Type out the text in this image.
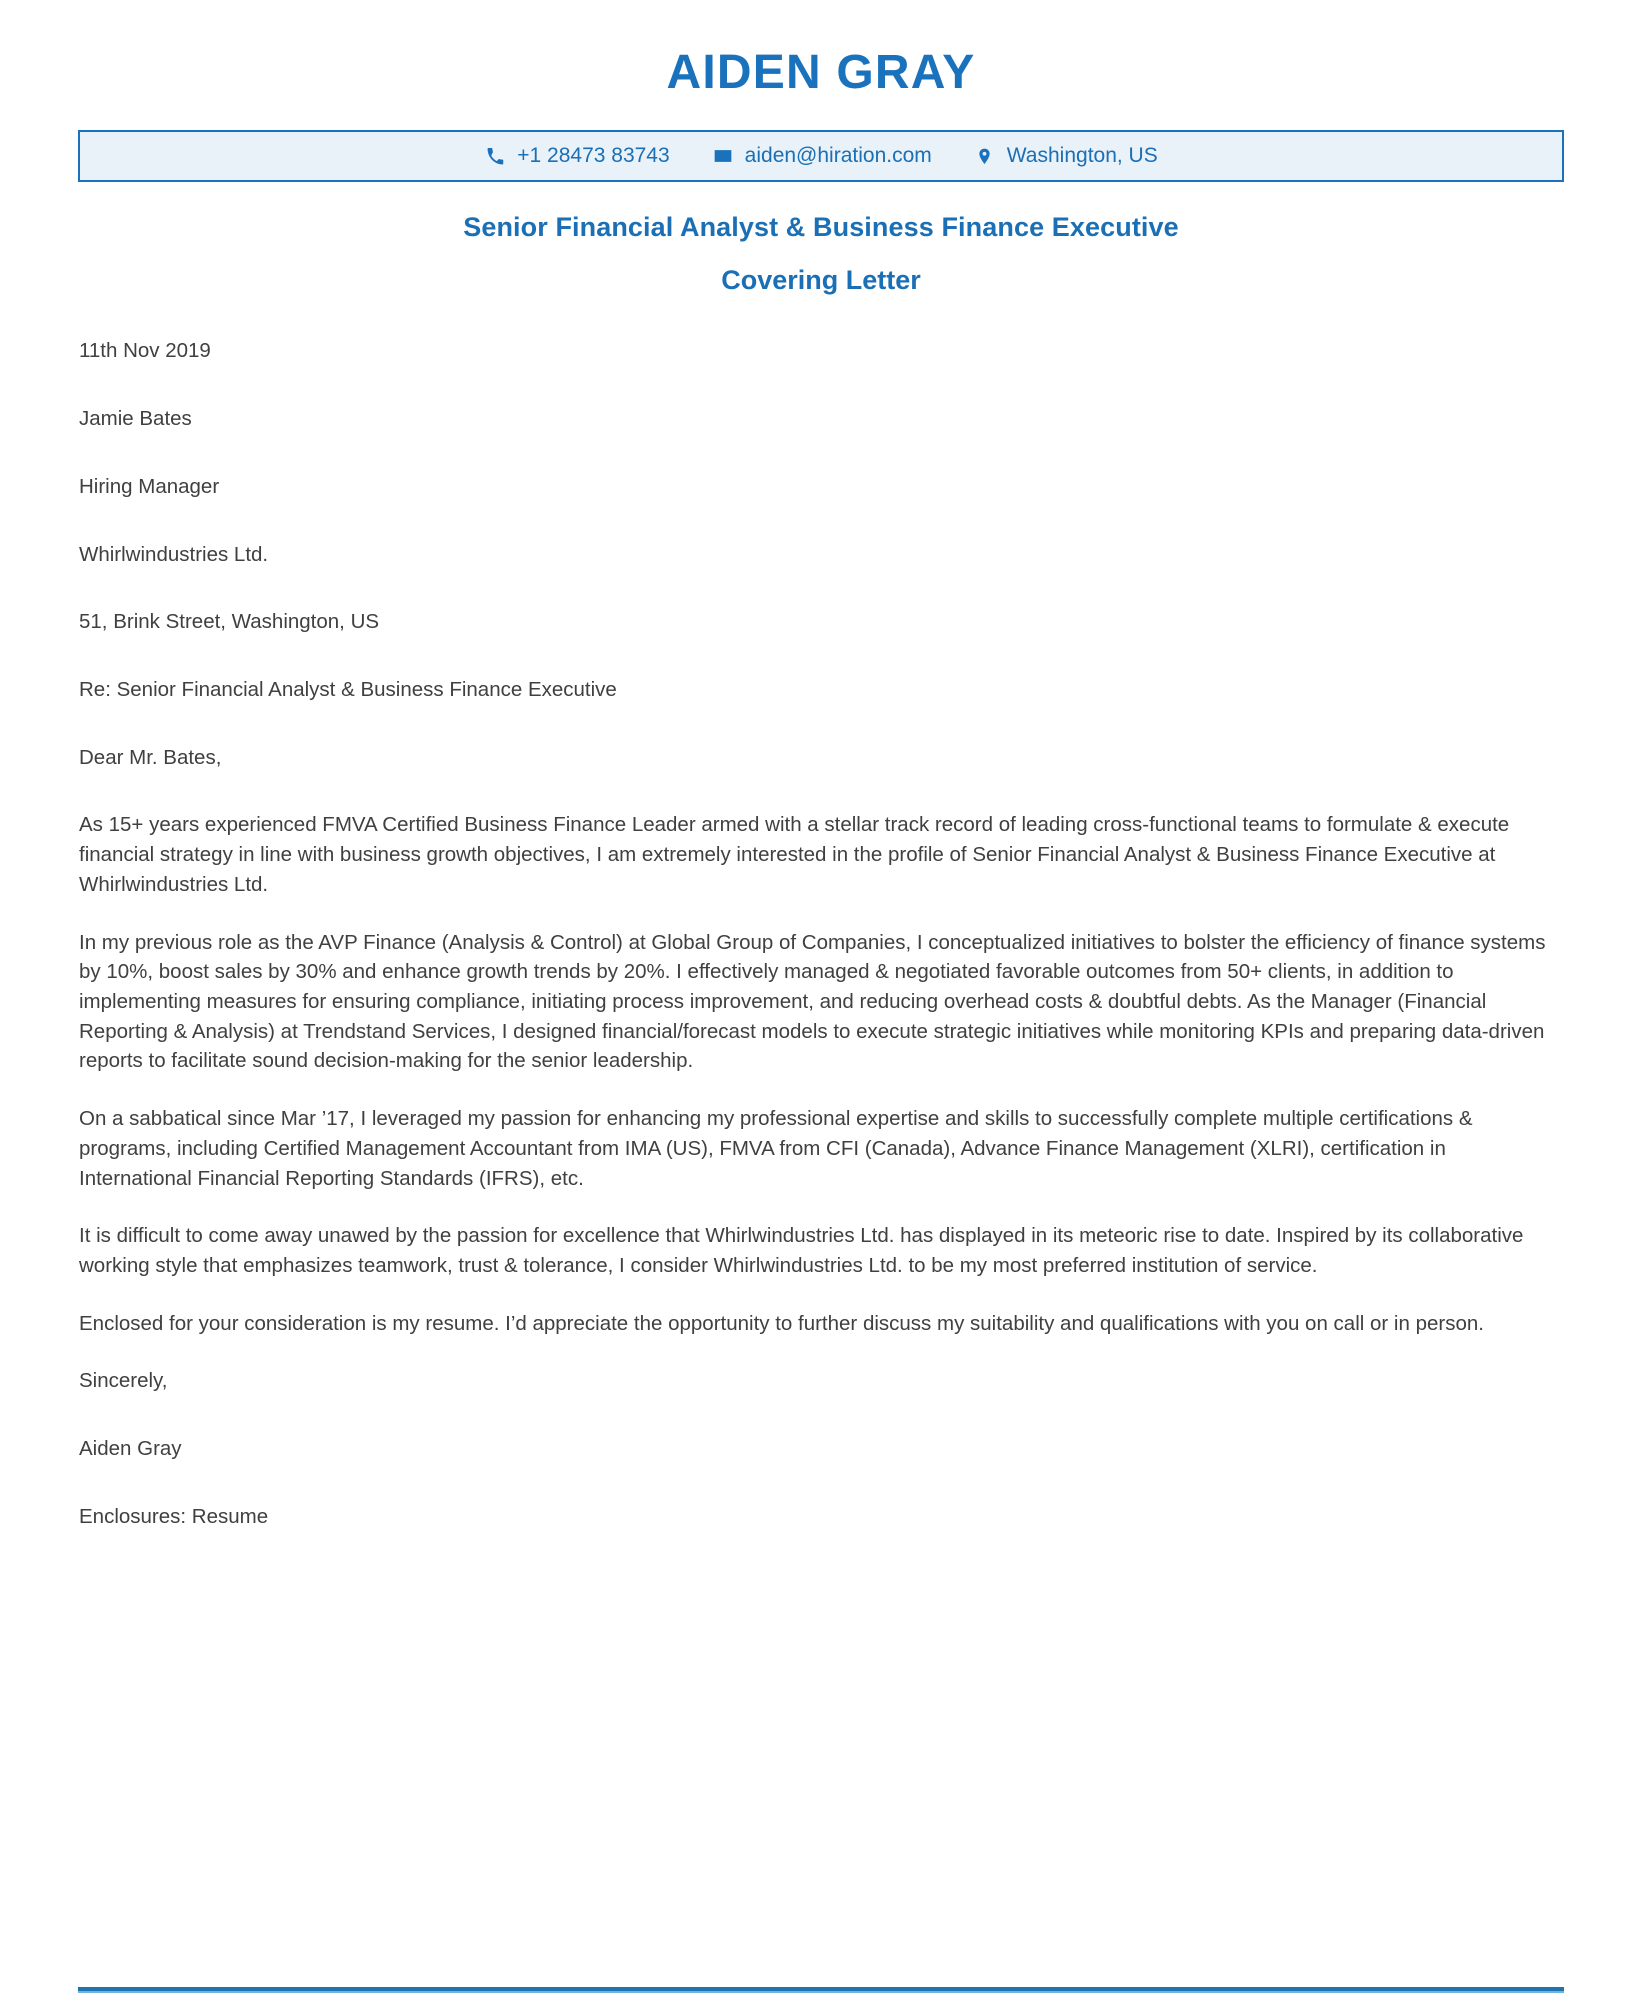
AIDEN GRAY
+1 28473 83743	aiden@hiration.com	Washington, US
Senior Financial Analyst & Business Finance Executive
Covering Letter
11th Nov 2019
Jamie Bates
Hiring Manager
Whirlwindustries Ltd.
51, Brink Street, Washington, US
Re: Senior Financial Analyst & Business Finance Executive
Dear Mr. Bates,

As 15+ years experienced FMVA Certified Business Finance Leader armed with a stellar track record of leading cross-functional teams to formulate & execute financial strategy in line with business growth objectives, I am extremely interested in the profile of Senior Financial Analyst & Business Finance Executive at Whirlwindustries Ltd.

In my previous role as the AVP Finance (Analysis & Control) at Global Group of Companies, I conceptualized initiatives to bolster the efficiency of finance systems by 10%, boost sales by 30% and enhance growth trends by 20%. I effectively managed & negotiated favorable outcomes from 50+ clients, in addition to implementing measures for ensuring compliance, initiating process improvement, and reducing overhead costs & doubtful debts. As the Manager (Financial Reporting & Analysis) at Trendstand Services, I designed financial/forecast models to execute strategic initiatives while monitoring KPIs and preparing data-driven reports to facilitate sound decision-making for the senior leadership.

On a sabbatical since Mar ’17, I leveraged my passion for enhancing my professional expertise and skills to successfully complete multiple certifications & programs, including Certified Management Accountant from IMA (US), FMVA from CFI (Canada), Advance Finance Management (XLRI), certification in International Financial Reporting Standards (IFRS), etc.

It is difficult to come away unawed by the passion for excellence that Whirlwindustries Ltd. has displayed in its meteoric rise to date. Inspired by its collaborative working style that emphasizes teamwork, trust & tolerance, I consider Whirlwindustries Ltd. to be my most preferred institution of service.

Enclosed for your consideration is my resume. I’d appreciate the opportunity to further discuss my suitability and qualifications with you on call or in person.

Sincerely,
Aiden Gray
Enclosures: Resume
